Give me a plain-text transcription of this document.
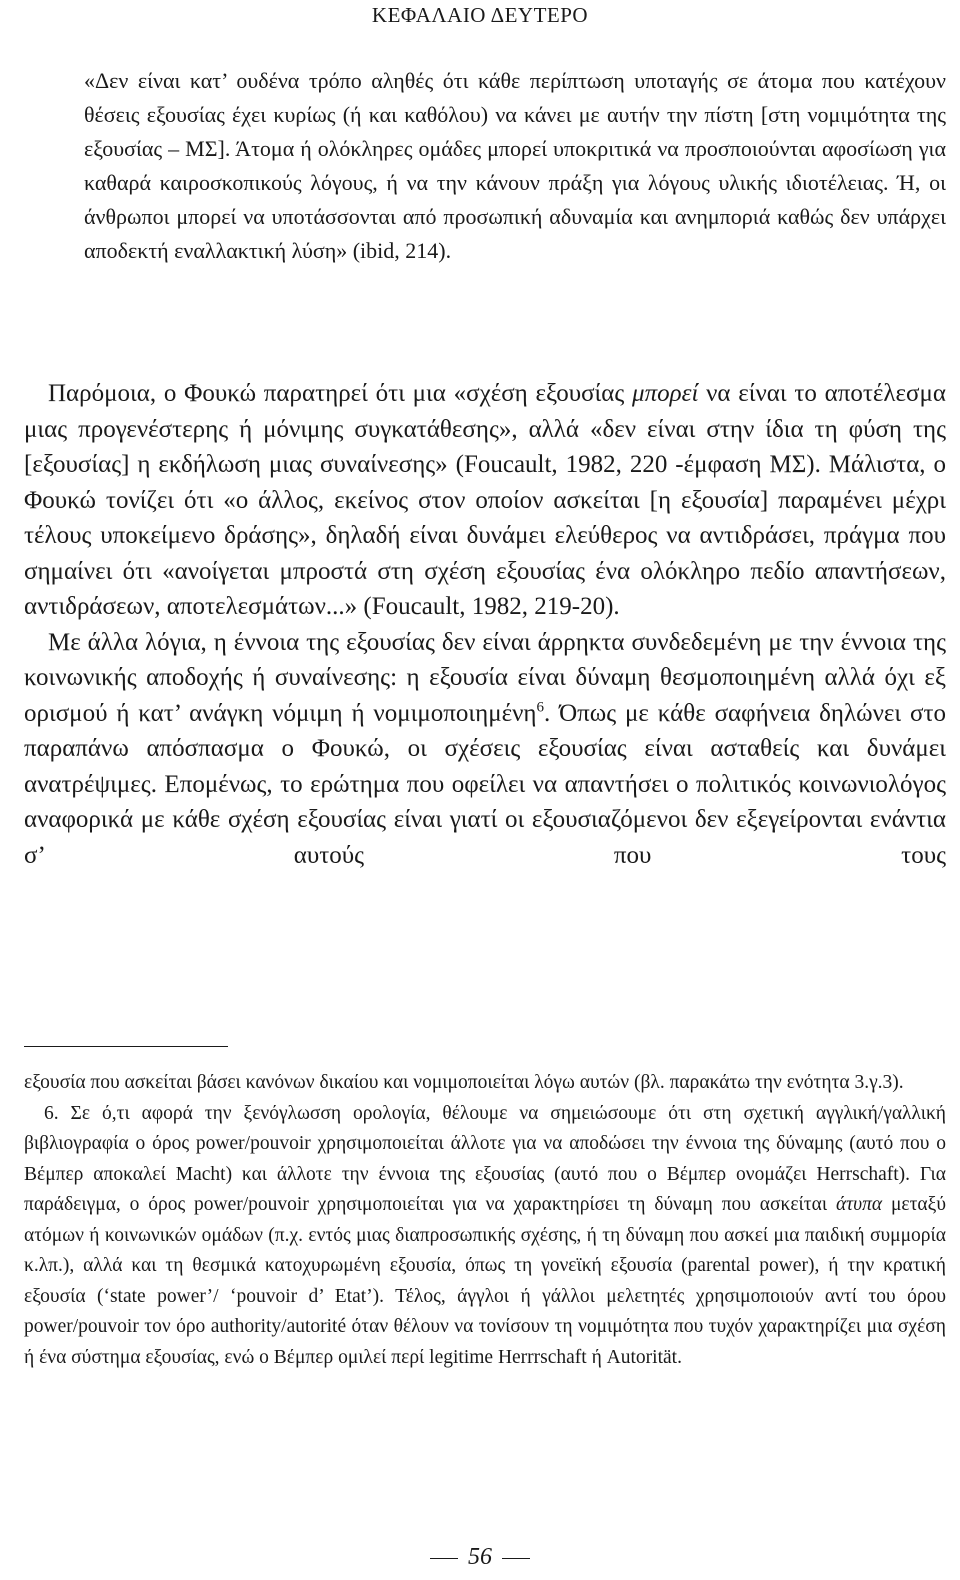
ΚΕΦΑΛΑΙΟ ΔΕΥΤΕΡΟ

«Δεν είναι κατ’ ουδένα τρόπο αληθές ότι κάθε περίπτωση υποταγής σε άτομα που κατέχουν θέσεις εξουσίας έχει κυρίως (ή και καθόλου) να κάνει με αυτήν την πίστη [στη νομιμότητα της εξουσίας – ΜΣ]. Άτομα ή ολόκληρες ομάδες μπορεί υποκριτικά να προσποιούνται αφοσίωση για καθαρά καιροσκοπικούς λόγους, ή να την κάνουν πράξη για λόγους υλικής ιδιοτέλειας. Ή, οι άνθρωποι μπορεί να υποτάσσονται από προσωπική αδυναμία και ανημποριά καθώς δεν υπάρχει αποδεκτή εναλλακτική λύση» (ibid, 214).

Παρόμοια, ο Φουκώ παρατηρεί ότι μια «σχέση εξουσίας μπορεί να είναι το αποτέλεσμα μιας προγενέστερης ή μόνιμης συγκατάθεσης», αλλά «δεν είναι στην ίδια τη φύση της [εξουσίας] η εκδήλωση μιας συναίνεσης» (Foucault, 1982, 220 -έμφαση ΜΣ). Μάλιστα, ο Φουκώ τονίζει ότι «ο άλλος, εκείνος στον οποίον ασκείται [η εξουσία] παραμένει μέχρι τέλους υποκείμενο δράσης», δηλαδή είναι δυνάμει ελεύθερος να αντιδράσει, πράγμα που σημαίνει ότι «ανοίγεται μπροστά στη σχέση εξουσίας ένα ολόκληρο πεδίο απαντήσεων, αντιδράσεων, αποτελεσμάτων...» (Foucault, 1982, 219-20).

Με άλλα λόγια, η έννοια της εξουσίας δεν είναι άρρηκτα συνδεδεμένη με την έννοια της κοινωνικής αποδοχής ή συναίνεσης: η εξουσία είναι δύναμη θεσμοποιημένη αλλά όχι εξ ορισμού ή κατ’ ανάγκη νόμιμη ή νομιμοποιημένη$^6$. Όπως με κάθε σαφήνεια δηλώνει στο παραπάνω απόσπασμα ο Φουκώ, οι σχέσεις εξουσίας είναι ασταθείς και δυνάμει ανατρέψιμες. Επομένως, το ερώτημα που οφείλει να απαντήσει ο πολιτικός κοινωνιολόγος αναφορικά με κάθε σχέση εξουσίας είναι γιατί οι εξουσιαζόμενοι δεν εξεγείρονται ενάντια σ’ αυτούς που τους

εξουσία που ασκείται βάσει κανόνων δικαίου και νομιμοποιείται λόγω αυτών (βλ. παρακάτω την ενότητα 3.γ.3).

6. Σε ό,τι αφορά την ξενόγλωσση ορολογία, θέλουμε να σημειώσουμε ότι στη σχετική αγγλική/γαλλική βιβλιογραφία ο όρος power/pouvoir χρησιμοποιείται άλλοτε για να αποδώσει την έννοια της δύναμης (αυτό που ο Βέμπερ αποκαλεί Macht) και άλλοτε την έννοια της εξουσίας (αυτό που ο Βέμπερ ονομάζει Herrschaft). Για παράδειγμα, ο όρος power/pouvoir χρησιμοποιείται για να χαρακτηρίσει τη δύναμη που ασκείται άτυπα μεταξύ ατόμων ή κοινωνικών ομάδων (π.χ. εντός μιας διαπροσωπικής σχέσης, ή τη δύναμη που ασκεί μια παιδική συμμορία κ.λπ.), αλλά και τη θεσμικά κατοχυρωμένη εξουσία, όπως τη γονεϊκή εξουσία (parental power), ή την κρατική εξουσία (‘state power’/ ‘pouvoir d’ Etat’). Τέλος, άγγλοι ή γάλλοι μελετητές χρησιμοποιούν αντί του όρου power/pouvoir τον όρο authority/autorité όταν θέλουν να τονίσουν τη νομιμότητα που τυχόν χαρακτηρίζει μια σχέση ή ένα σύστημα εξουσίας, ενώ ο Βέμπερ ομιλεί περί legitime Herrrschaft ή Autorität.

56
